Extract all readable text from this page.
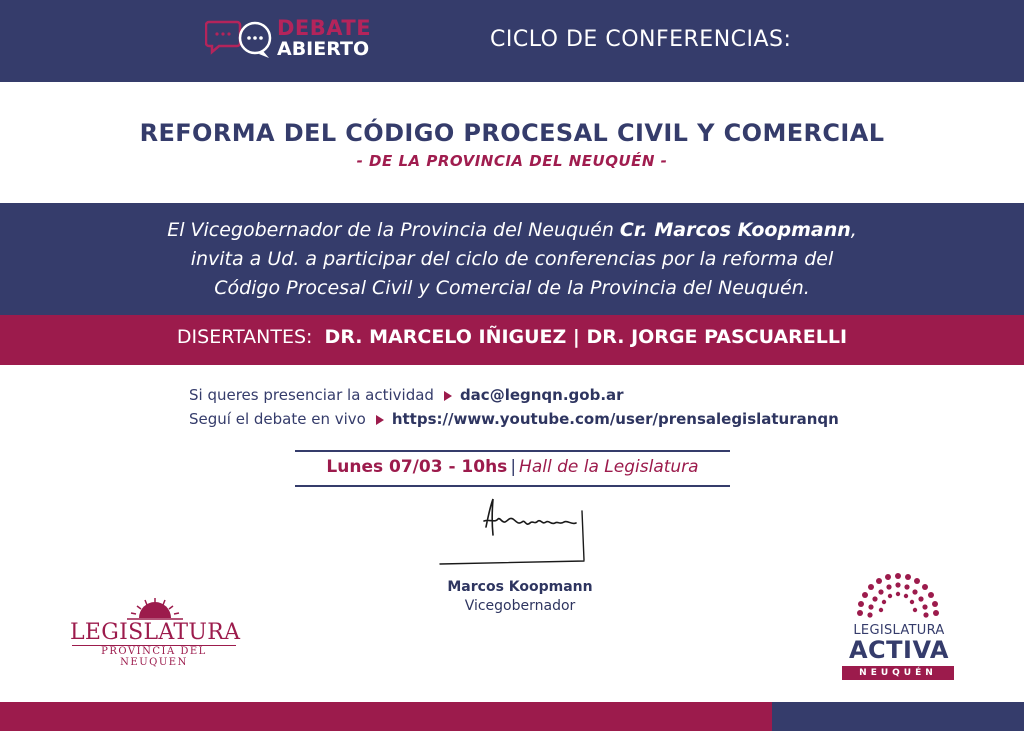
DEBATE
ABIERTO	CICLO DE CONFERENCIAS:
REFORMA DEL CÓDIGO PROCESAL CIVIL Y COMERCIAL
- DE LA PROVINCIA DEL NEUQUÉN -
El Vicegobernador de la Provincia del Neuquén Cr. Marcos Koopmann,
invita a Ud. a participar del ciclo de conferencias por la reforma del
Código Procesal Civil y Comercial de la Provincia del Neuquén.
DISERTANTES: DR. MARCELO IÑIGUEZ | DR. JORGE PASCUARELLI
Si queres presenciar la actividad dac@legnqn.gob.ar
Seguí el debate en vivo https://www.youtube.com/user/prensalegislaturanqn
Lunes 07/03 - 10hs | Hall de la Legislatura
Marcos Koopmann
Vicegobernador
LEGISLATURA
PROVINCIA DEL NEUQUEN
LEGISLATURA
ACTIVA
NEUQUÉN
